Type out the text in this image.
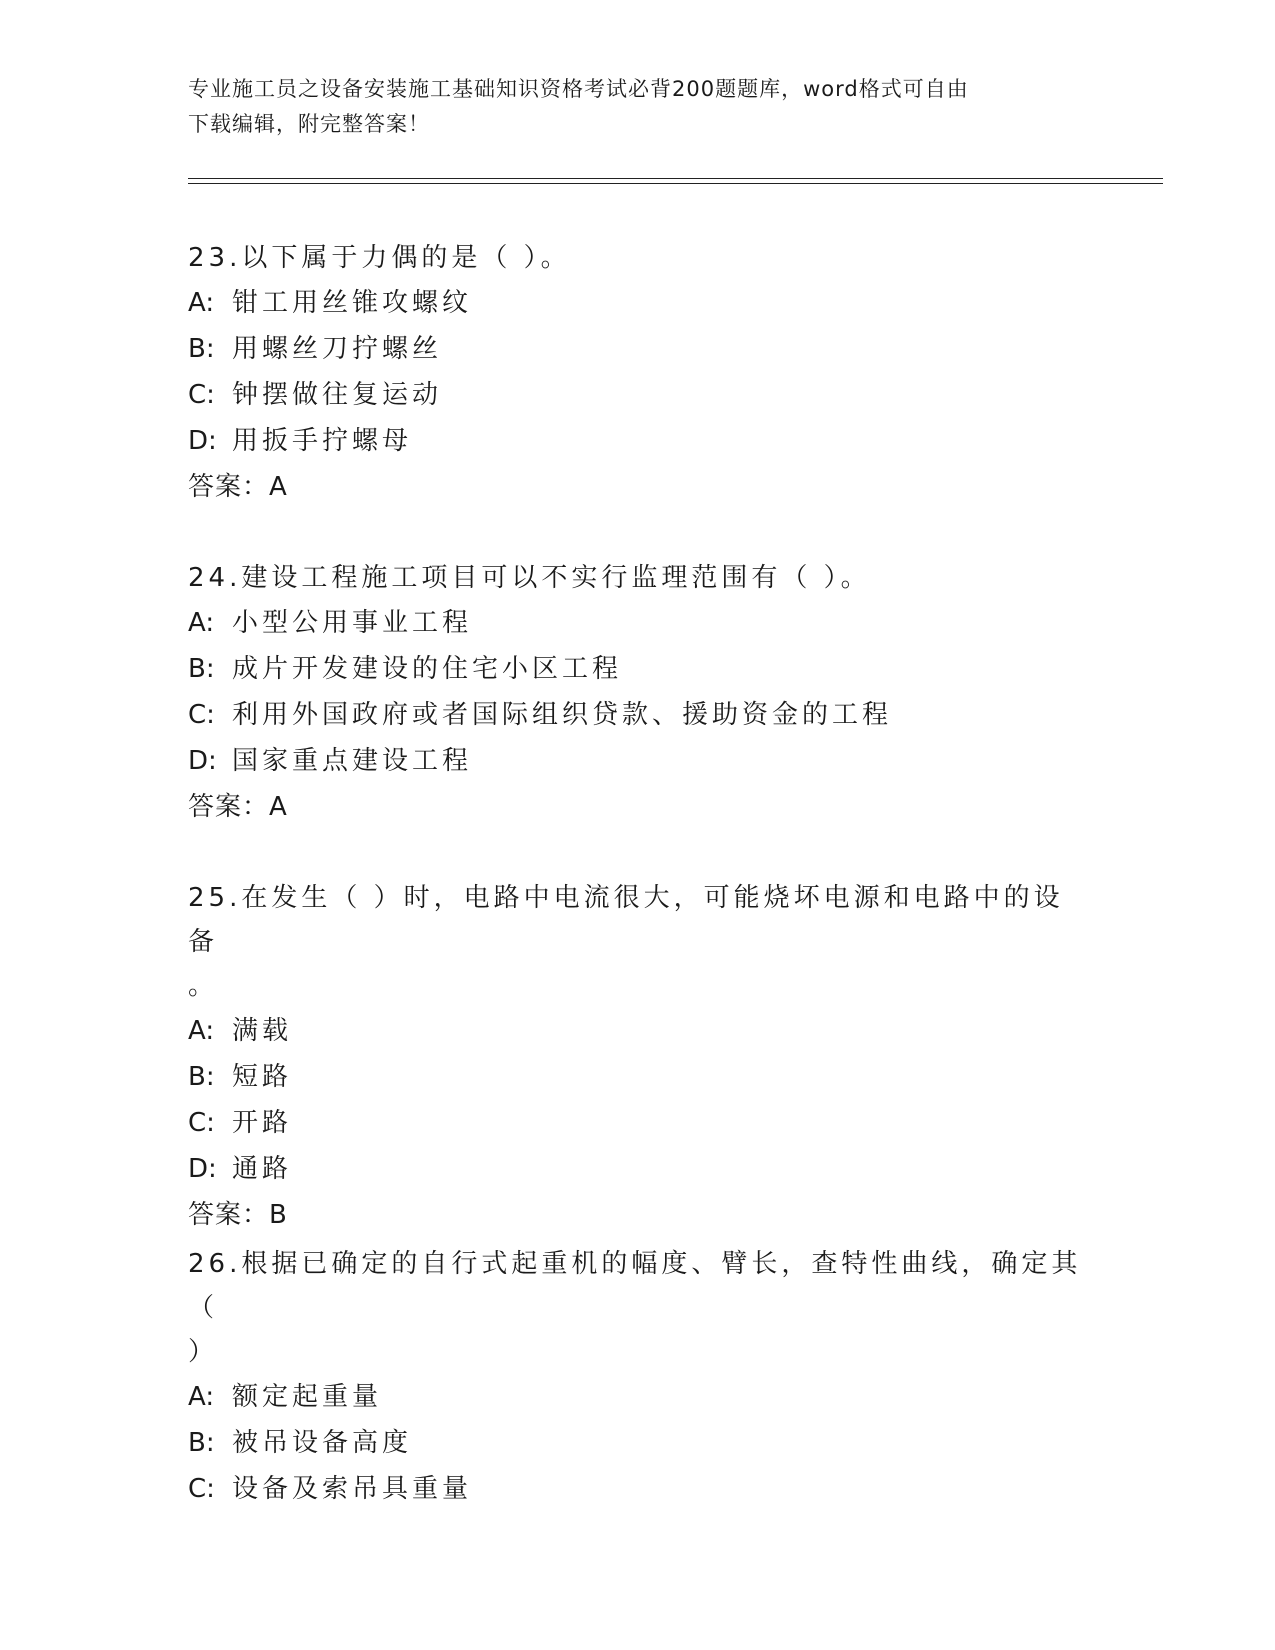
专业施工员之设备安装施工基础知识资格考试必背200题题库，word格式可自由
下载编辑，附完整答案！

23.以下属于力偶的是（ ）。

A: 钳工用丝锥攻螺纹

B: 用螺丝刀拧螺丝

C: 钟摆做往复运动

D: 用扳手拧螺母

答案：A

24.建设工程施工项目可以不实行监理范围有（ ）。

A: 小型公用事业工程

B: 成片开发建设的住宅小区工程

C: 利用外国政府或者国际组织贷款、援助资金的工程

D: 国家重点建设工程

答案：A

25.在发生（ ）时，电路中电流很大，可能烧坏电源和电路中的设备

。

A: 满载

B: 短路

C: 开路

D: 通路

答案：B

26.根据已确定的自行式起重机的幅度、臂长，查特性曲线，确定其（

）

A: 额定起重量

B: 被吊设备高度

C: 设备及索吊具重量
